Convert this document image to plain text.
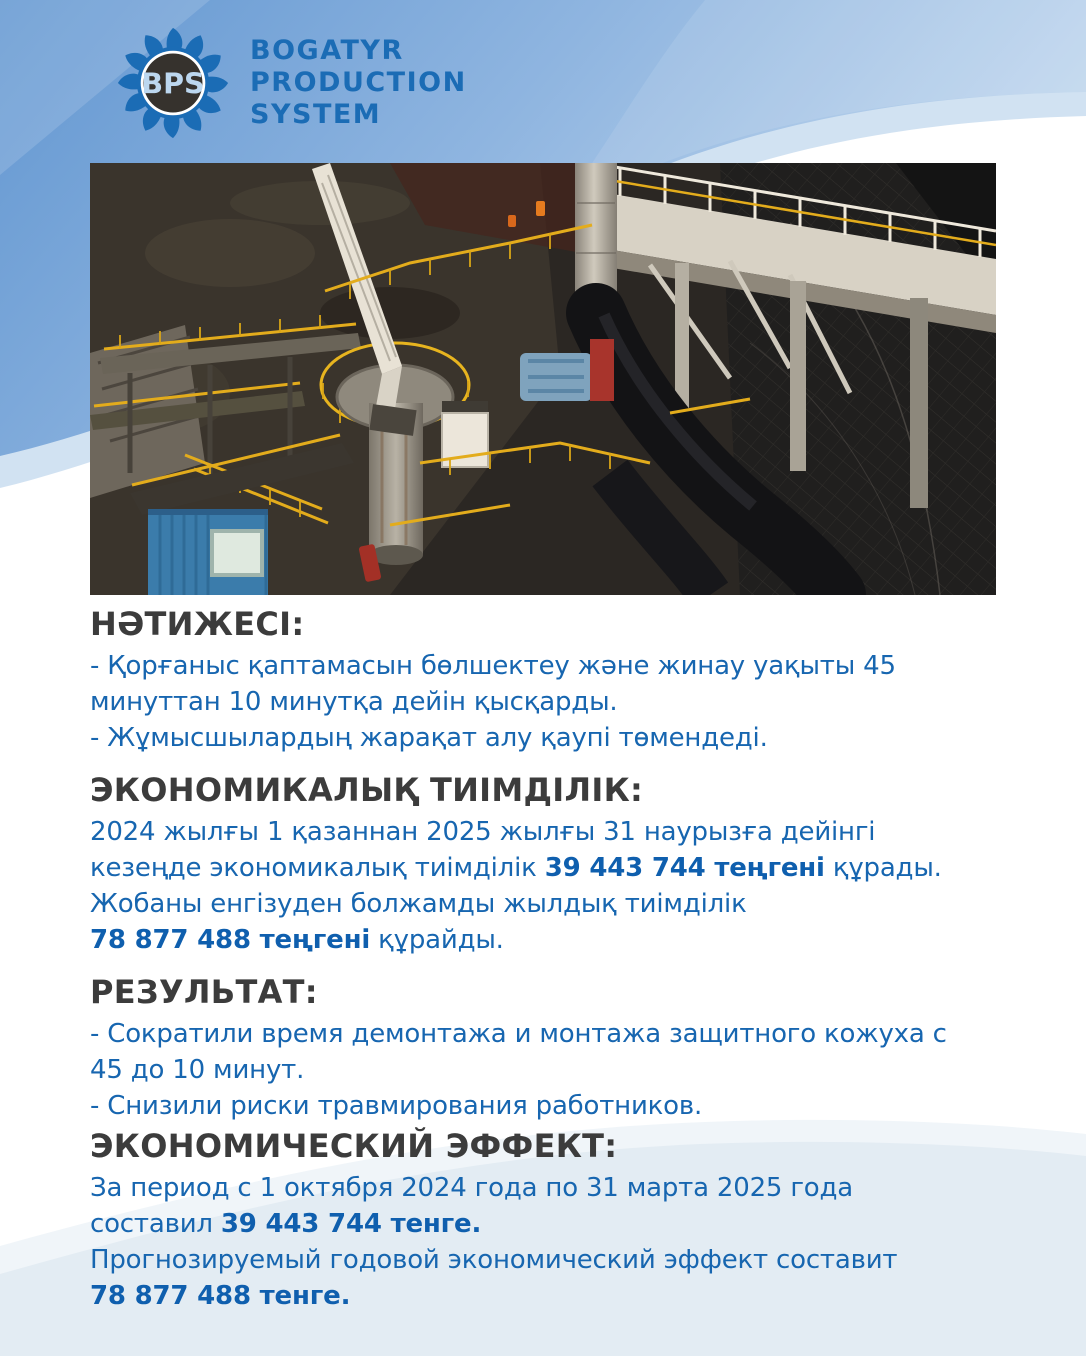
BPS
BOGATYR
PRODUCTION
SYSTEM
НӘТИЖЕСІ:

- Қорғаныс қаптамасын бөлшектеу және жинау уақыты 45

минуттан 10 минутқа дейін қысқарды.

- Жұмысшылардың жарақат алу қаупі төмендеді.

ЭКОНОМИКАЛЫҚ ТИІМДІЛІК:

2024 жылғы 1 қазаннан 2025 жылғы 31 наурызға дейінгі

кезеңде экономикалық тиімділік 39 443 744 теңгені құрады.

Жобаны енгізуден болжамды жылдық тиімділік

78 877 488 теңгені құрайды.

РЕЗУЛЬТАТ:

- Сократили время демонтажа и монтажа защитного кожуха с

45 до 10 минут.

- Снизили риски травмирования работников.

ЭКОНОМИЧЕСКИЙ ЭФФЕКТ:

За период с 1 октября 2024 года по 31 марта 2025 года

составил 39 443 744 тенге.

Прогнозируемый годовой экономический эффект составит

78 877 488 тенге.
